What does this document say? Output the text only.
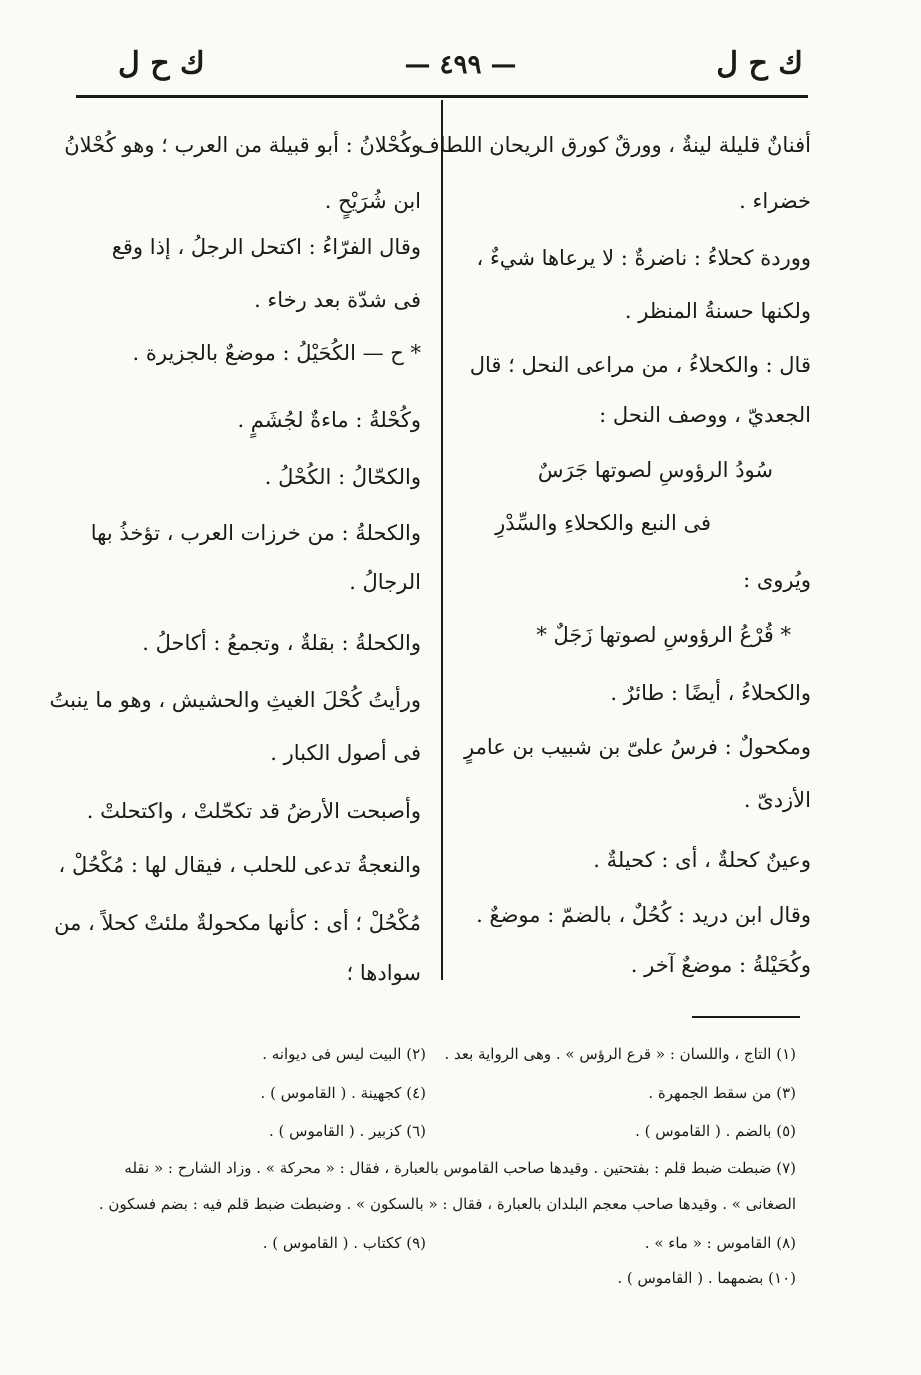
ك ح ل
— ٤٩٩ —
ك ح ل
أفنانٌ قليلة لينةٌ ، وورقٌ كورق الريحان اللطاف ،
خضراء .
ووردة كحلاءُ : ناضرةٌ : لا يرعاها شيءٌ ،
ولكنها حسنةُ المنظر .
قال : والكحلاءُ ، من مراعى النحل ؛ قال
الجعديّ ، ووصف النحل :
سُودُ الرؤوسِ لصوتها جَرَسٌ
فى النبع والكحلاءِ والسِّدْرِ
ويُروى :
* قُرْعُ الرؤوسِ لصوتها زَجَلٌ *
والكحلاءُ ، أيضًا : طائرٌ .
ومكحولٌ : فرسُ علىّ بن شبيب بن عامرٍ
الأزدىّ .
وعينٌ كحلةٌ ، أى : كحيلةٌ .
وقال ابن دريد : كُحُلٌ ، بالضمّ : موضعٌ .
وكُحَيْلةُ : موضعٌ آخر .
وكُحْلانُ : أبو قبيلة من العرب ؛ وهو كُحْلانُ
ابن شُرَيْحٍ .
وقال الفرّاءُ : اكتحل الرجلُ ، إذا وقع
فى شدّة بعد رخاء .
* ح — الكُحَيْلُ : موضعٌ بالجزيرة .
وكُحْلةُ : ماءةٌ لجُشَمٍ .
والكحّالُ : الكُحْلُ .
والكحلةُ : من خرزات العرب ، تؤخذُ بها
الرجالُ .
والكحلةُ : بقلةٌ ، وتجمعُ : أكاحلُ .
ورأيتُ كُحْلَ الغيثِ والحشيش ، وهو ما ينبتُ
فى أصول الكبار .
وأصبحت الأرضُ قد تكحّلتْ ، واكتحلتْ .
والنعجةُ تدعى للحلب ، فيقال لها : مُكْحُلْ ،
مُكْحُلْ ؛ أى : كأنها مكحولةٌ ملئتْ كحلاً ، من
سوادها ؛
(١) التاج ، واللسان : « قرع الرؤس » . وهى الرواية بعد .
(٢) البيت ليس فى ديوانه .
(٣) من سقط الجمهرة .
(٤) كجهينة . ( القاموس ) .
(٥) بالضم . ( القاموس ) .
(٦) كزبير . ( القاموس ) .
(٧) ضبطت ضبط قلم : بفتحتين . وقيدها صاحب القاموس بالعبارة ، فقال : « محركة » . وزاد الشارح : « نقله
الصغانى » . وقيدها صاحب معجم البلدان بالعبارة ، فقال : « بالسكون » . وضبطت ضبط قلم فيه : بضم فسكون .
(٨) القاموس : « ماء » .
(٩) ككتاب . ( القاموس ) .
(١٠) بضمهما . ( القاموس ) .
